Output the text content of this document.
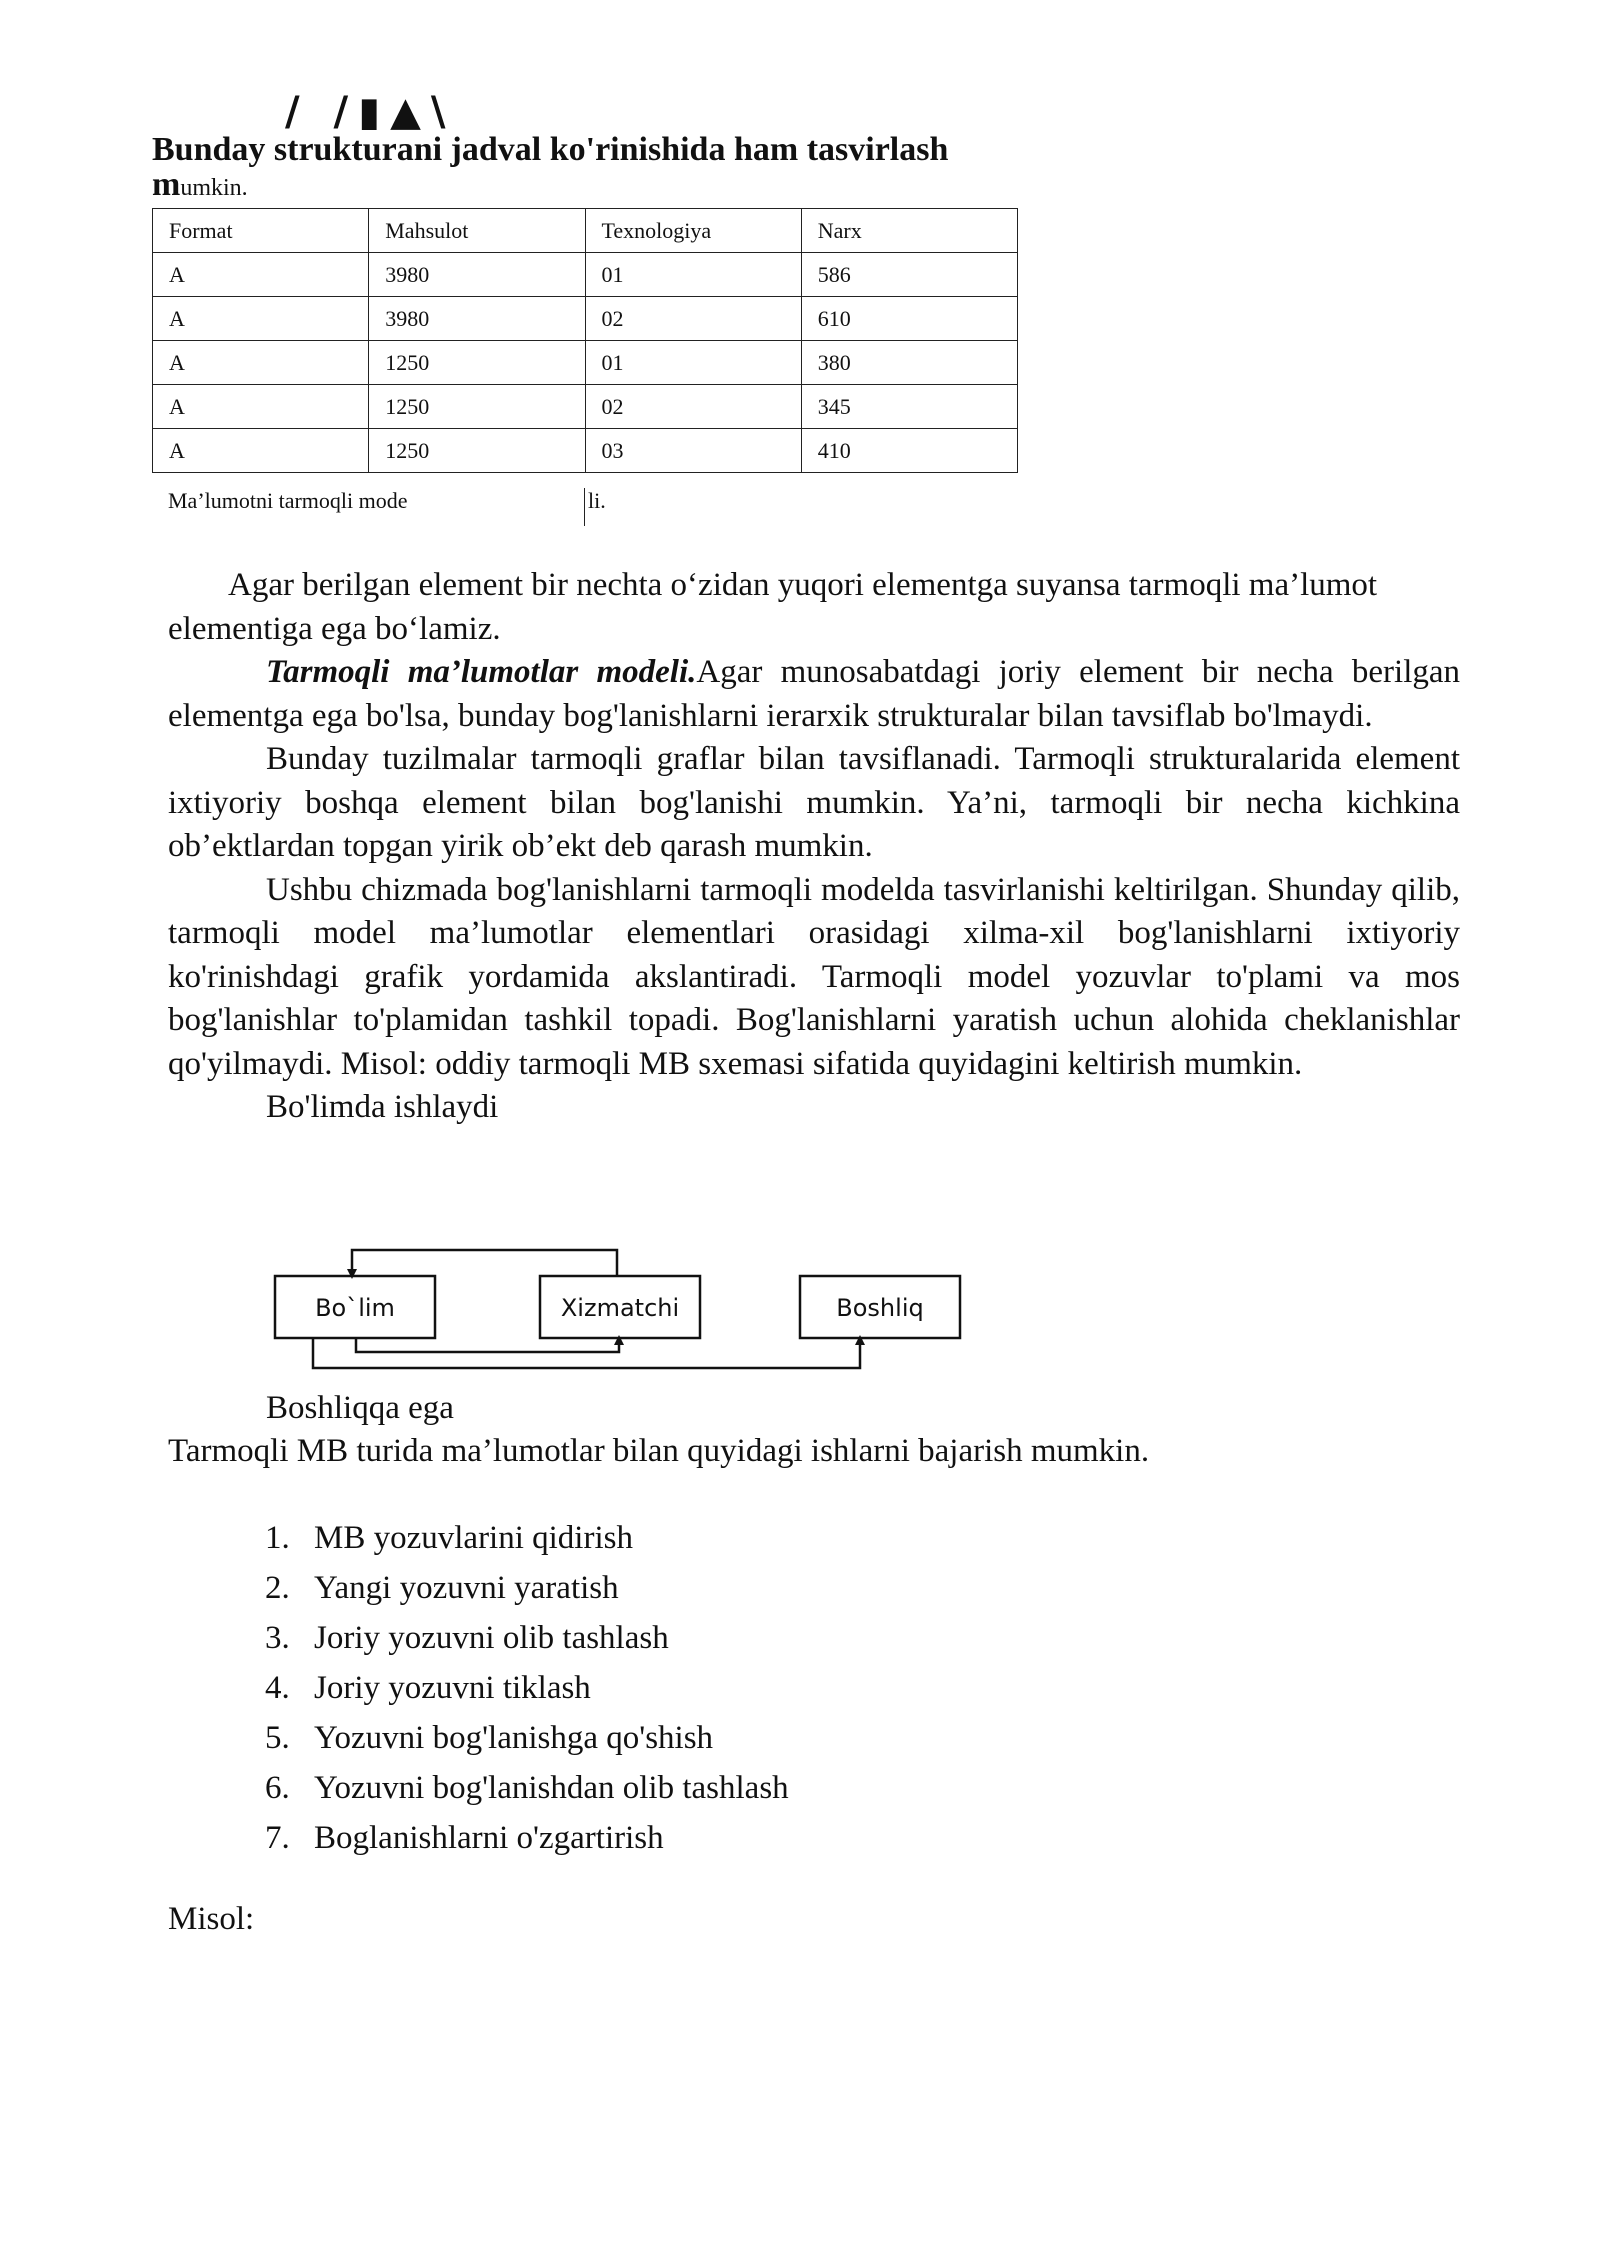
/ /▮▲\
Bunday strukturani jadval ko'rinishida ham tasvirlash
mumkin.
Format	Mahsulot	Texnologiya	Narx
A	3980	01	586
A	3980	02	610
A	1250	01	380
A	1250	02	345
A	1250	03	410
Ma’lumotni tarmoqli mode	li.

Agar berilgan element bir nechta o‘zidan yuqori elementga suyansa tarmoqli ma’lumot elementiga ega bo‘lamiz.

Tarmoqli ma’lumotlar modeli.Agar munosabatdagi joriy element bir necha berilgan elementga ega bo'lsa, bunday bog'lanishlarni ierarxik strukturalar bilan tavsiflab bo'lmaydi.

Bunday tuzilmalar tarmoqli graflar bilan tavsiflanadi. Tarmoqli strukturalarida element ixtiyoriy boshqa element bilan bog'lanishi mumkin. Ya’ni, tarmoqli bir necha kichkina ob’ektlardan topgan yirik ob’ekt deb qarash mumkin.

Ushbu chizmada bog'lanishlarni tarmoqli modelda tasvirlanishi keltirilgan. Shunday qilib, tarmoqli model ma’lumotlar elementlari orasidagi xilma-xil bog'lanishlarni ixtiyoriy ko'rinishdagi grafik yordamida akslantiradi. Tarmoqli model yozuvlar to'plami va mos bog'lanishlar to'plamidan tashkil topadi. Bog'lanishlarni yaratish uchun alohida cheklanishlar qo'yilmaydi. Misol: oddiy tarmoqli MB sxemasi sifatida quyidagini keltirish mumkin.

Bo'limda ishlaydi

Bo`lim	Xizmatchi	Boshliq

Boshliqqa ega

Tarmoqli MB turida ma’lumotlar bilan quyidagi ishlarni bajarish mumkin.

1. MB yozuvlarini qidirish
2. Yangi yozuvni yaratish
3. Joriy yozuvni olib tashlash
4. Joriy yozuvni tiklash
5. Yozuvni bog'lanishga qo'shish
6. Yozuvni bog'lanishdan olib tashlash
7. Boglanishlarni o'zgartirish

Misol:
